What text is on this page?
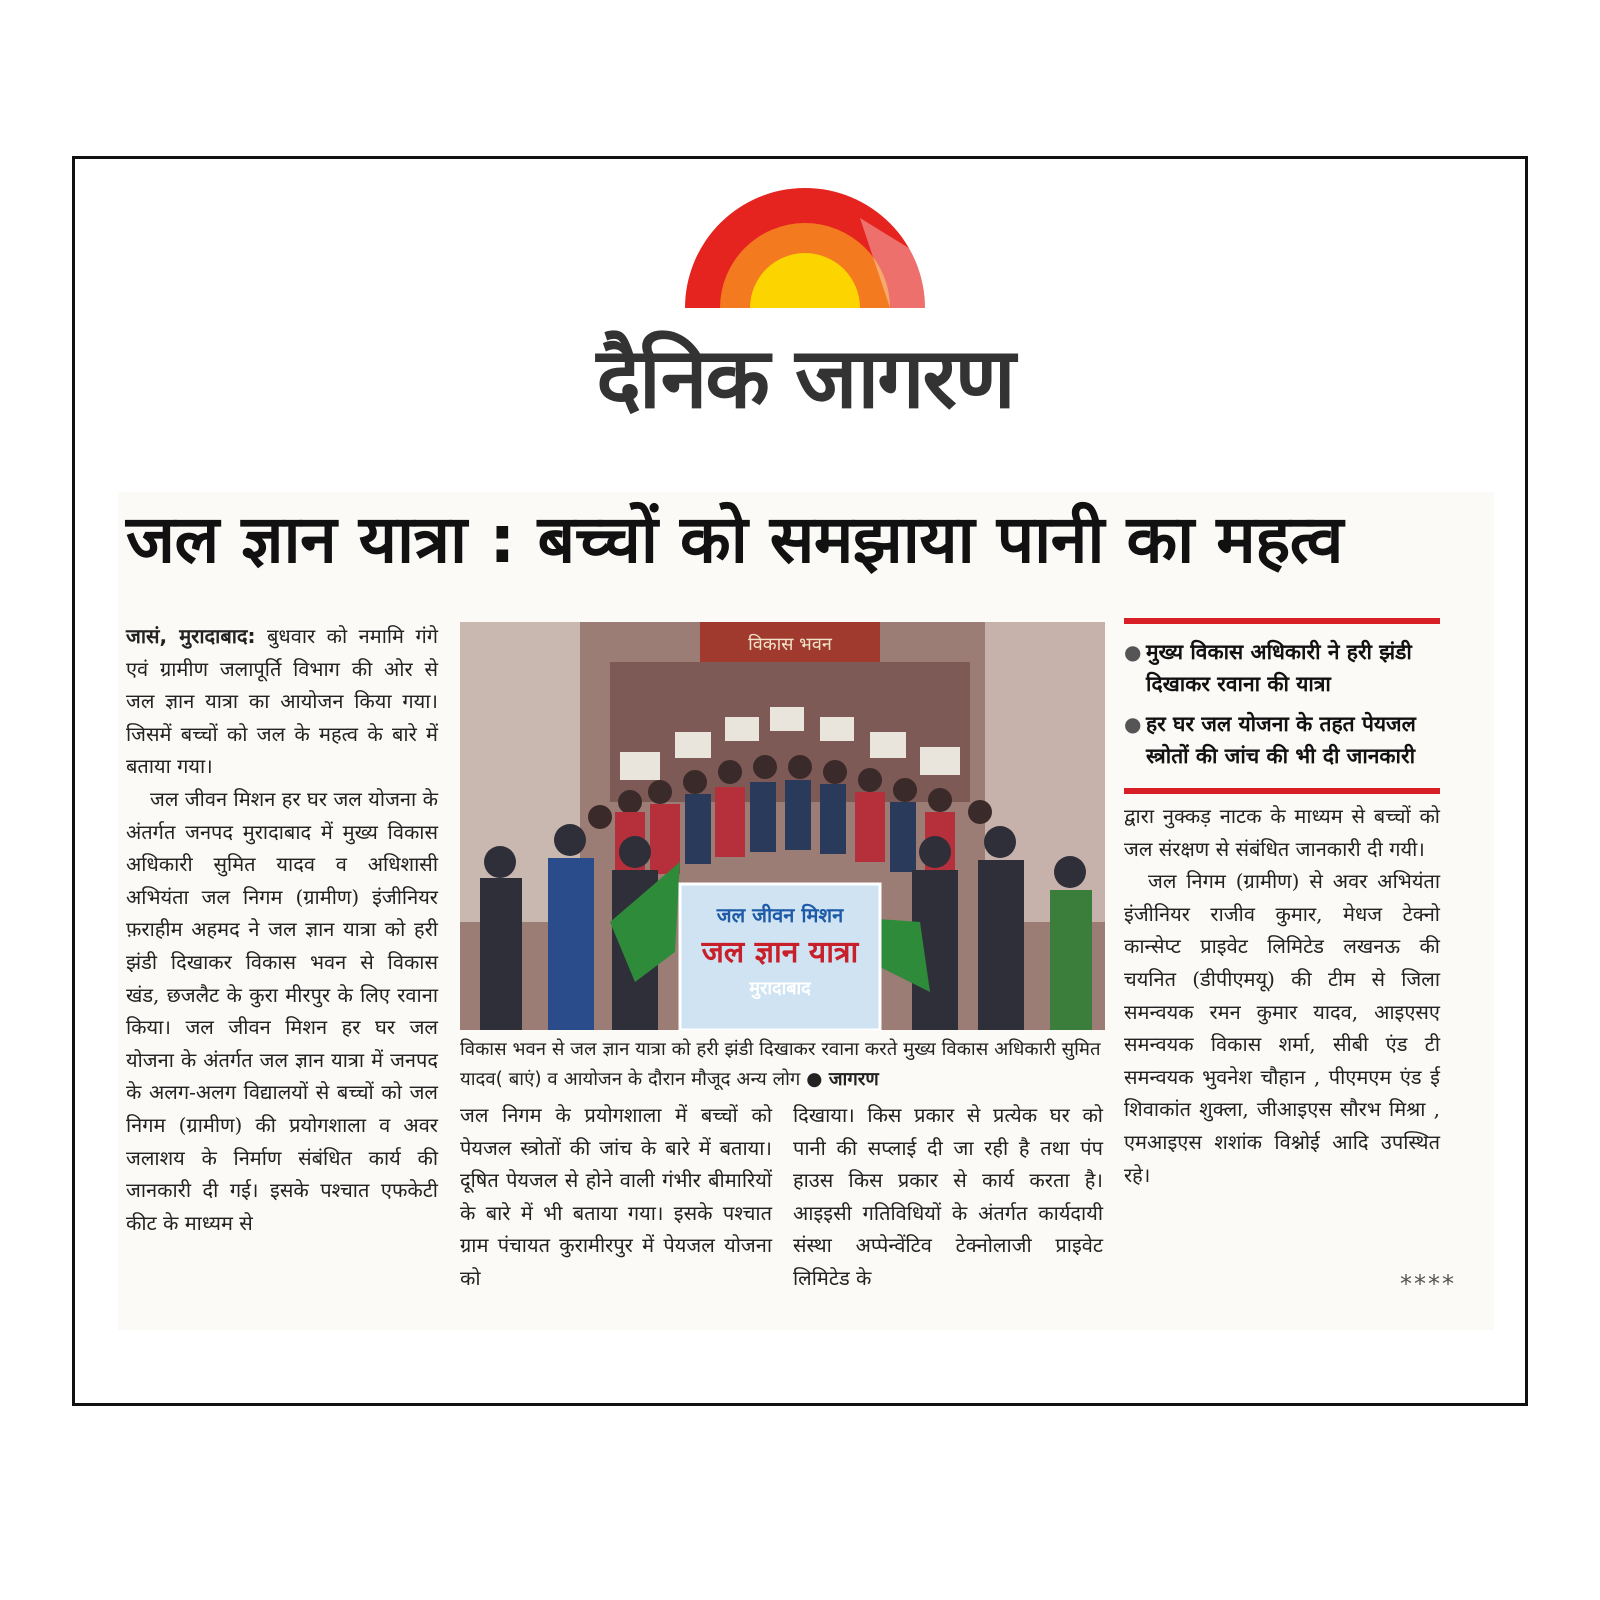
दैनिक जागरण
जल ज्ञान यात्रा : बच्चों को समझाया पानी का महत्व

जासं, मुरादाबाद: बुधवार को नमामि गंगे एवं ग्रामीण जलापूर्ति विभाग की ओर से जल ज्ञान यात्रा का आयोजन किया गया। जिसमें बच्चों को जल के महत्व के बारे में बताया गया।

जल जीवन मिशन हर घर जल योजना के अंतर्गत जनपद मुरादाबाद में मुख्य विकास अधिकारी सुमित यादव व अधिशासी अभियंता जल निगम (ग्रामीण) इंजीनियर फ़राहीम अहमद ने जल ज्ञान यात्रा को हरी झंडी दिखाकर विकास भवन से विकास खंड, छजलैट के कुरा मीरपुर के लिए रवाना किया। जल जीवन मिशन हर घर जल योजना के अंतर्गत जल ज्ञान यात्रा में जनपद के अलग-अलग विद्यालयों से बच्चों को जल निगम (ग्रामीण) की प्रयोगशाला व अवर जलाशय के निर्माण संबंधित कार्य की जानकारी दी गई। इसके पश्चात एफकेटी कीट के माध्यम से

विकास भवन
जल जीवन मिशन
जल ज्ञान यात्रा
मुरादाबाद
विकास भवन से जल ज्ञान यात्रा को हरी झंडी दिखाकर रवाना करते मुख्य विकास अधिकारी सुमित यादव( बाएं) व आयोजन के दौरान मौजूद अन्य लोग ● जागरण
जल निगम के प्रयोगशाला में बच्चों को पेयजल स्त्रोतों की जांच के बारे में बताया। दूषित पेयजल से होने वाली गंभीर बीमारियों के बारे में भी बताया गया। इसके पश्चात ग्राम पंचायत कुरामीरपुर में पेयजल योजना को
दिखाया। किस प्रकार से प्रत्येक घर को पानी की सप्लाई दी जा रही है तथा पंप हाउस किस प्रकार से कार्य करता है। आइइसी गतिविधियों के अंतर्गत कार्यदायी संस्था अप्पेन्वेंटिव टेक्नोलाजी प्राइवेट लिमिटेड के
● मुख्य विकास अधिकारी ने हरी झंडी दिखाकर रवाना की यात्रा
● हर घर जल योजना के तहत पेयजल स्त्रोतों की जांच की भी दी जानकारी

द्वारा नुक्कड़ नाटक के माध्यम से बच्चों को जल संरक्षण से संबंधित जानकारी दी गयी।

जल निगम (ग्रामीण) से अवर अभियंता इंजीनियर राजीव कुमार, मेधज टेक्नो कान्सेप्ट प्राइवेट लिमिटेड लखनऊ की चयनित (डीपीएमयू) की टीम से जिला समन्वयक रमन कुमार यादव, आइएसए समन्वयक विकास शर्मा, सीबी एंड टी समन्वयक भुवनेश चौहान , पीएमएम एंड ई शिवाकांत शुक्ला, जीआइएस सौरभ मिश्रा , एमआइएस शशांक विश्नोई आदि उपस्थित रहे।

****
